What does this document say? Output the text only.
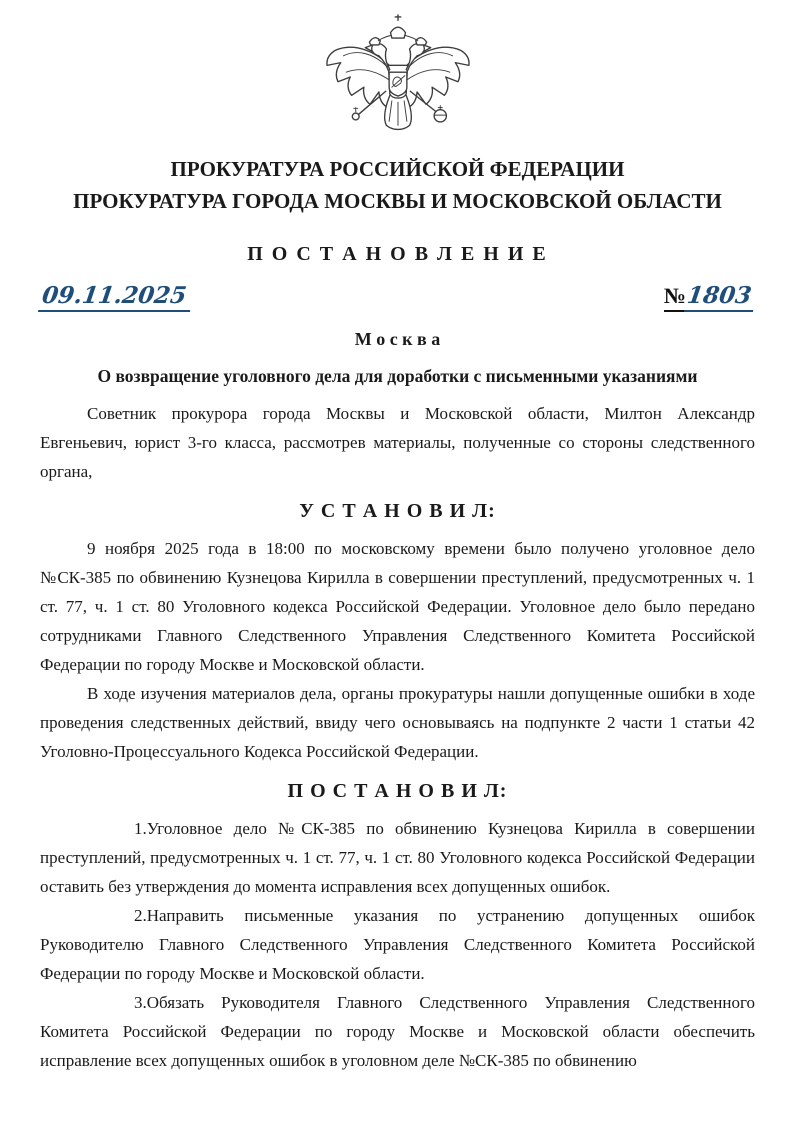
ПРОКУРАТУРА РОССИЙСКОЙ ФЕДЕРАЦИИ
ПРОКУРАТУРА ГОРОДА МОСКВЫ И МОСКОВСКОЙ ОБЛАСТИ
П О С Т А Н О В Л Е Н И Е
09.11.2025	№1803
М о с к в а
О возвращение уголовного дела для доработки с письменными указаниями

Советник прокурора города Москвы и Московской области, Милтон Александр Евгеньевич, юрист 3-го класса, рассмотрев материалы, полученные со стороны следственного органа,

У С Т А Н О В И Л:

9 ноября 2025 года в 18:00 по московскому времени было получено уголовное дело №СК-385 по обвинению Кузнецова Кирилла в совершении преступлений, предусмотренных ч. 1 ст. 77, ч. 1 ст. 80 Уголовного кодекса Российской Федерации. Уголовное дело было передано сотрудниками Главного Следственного Управления Следственного Комитета Российской Федерации по городу Москве и Московской области.

В ходе изучения материалов дела, органы прокуратуры нашли допущенные ошибки в ходе проведения следственных действий, ввиду чего основываясь на подпункте 2 части 1 статьи 42 Уголовно-Процессуального Кодекса Российской Федерации.

П О С Т А Н О В И Л:

1.Уголовное дело №СК-385 по обвинению Кузнецова Кирилла в совершении преступлений, предусмотренных ч. 1 ст. 77, ч. 1 ст. 80 Уголовного кодекса Российской Федерации оставить без утверждения до момента исправления всех допущенных ошибок.

2.Направить письменные указания по устранению допущенных ошибок Руководителю Главного Следственного Управления Следственного Комитета Российской Федерации по городу Москве и Московской области.

3.Обязать Руководителя Главного Следственного Управления Следственного Комитета Российской Федерации по городу Москве и Московской области обеспечить исправление всех допущенных ошибок в уголовном деле №СК-385 по обвинению
